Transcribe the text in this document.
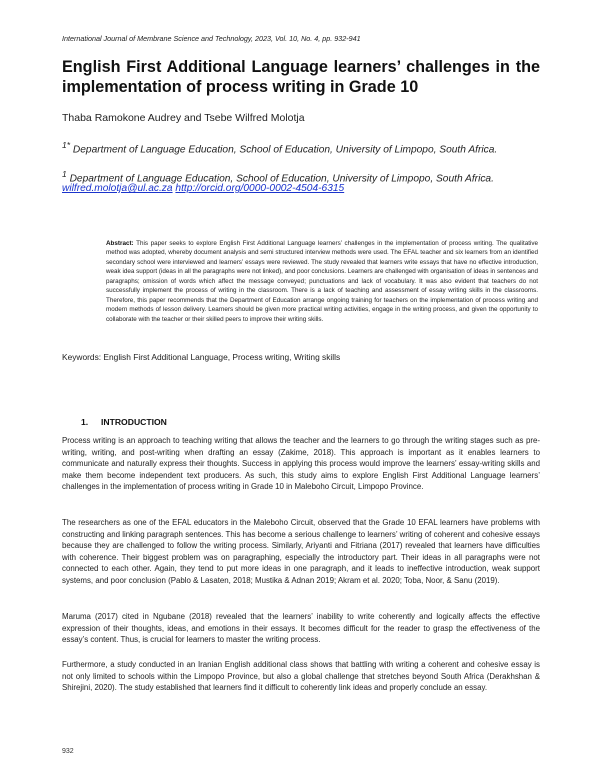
International Journal of Membrane Science and Technology, 2023, Vol. 10, No. 4, pp. 932-941
English First Additional Language learners’ challenges in the implementation of process writing in Grade 10
Thaba Ramokone Audrey and Tsebe Wilfred Molotja
$^{1*}$ Department of Language Education, School of Education, University of Limpopo, South Africa.
$^1$ Department of Language Education, School of Education, University of Limpopo, South Africa.
wilfred.molotja@ul.ac.za http://orcid.org/0000-0002-4504-6315
Abstract: This paper seeks to explore English First Additional Language learners’ challenges in the implementation of process writing. The qualitative method was adopted, whereby document analysis and semi structured interview methods were used. The EFAL teacher and six learners from an identified secondary school were interviewed and learners’ essays were reviewed. The study revealed that learners write essays that have no effective introduction, weak idea support (ideas in all the paragraphs were not linked), and poor conclusions. Learners are challenged with organisation of ideas in sentences and paragraphs; omission of words which affect the message conveyed; punctuations and lack of vocabulary. It was also evident that teachers do not successfully implement the process of writing in the classroom. There is a lack of teaching and assessment of essay writing skills in the classrooms. Therefore, this paper recommends that the Department of Education arrange ongoing training for teachers on the implementation of process writing and modern methods of lesson delivery. Learners should be given more practical writing activities, engage in the writing process, and given the opportunity to collaborate with the teacher or their skilled peers to improve their writing skills.
Keywords: English First Additional Language, Process writing, Writing skills
1. INTRODUCTION
Process writing is an approach to teaching writing that allows the teacher and the learners to go through the writing stages such as pre-writing, writing, and post-writing when drafting an essay (Zakime, 2018). This approach is important as it enables learners to communicate and naturally express their thoughts. Success in applying this process would improve the learners’ essay-writing skills and make them become independent text producers. As such, this study aims to explore English First Additional Language learners’ challenges in the implementation of process writing in Grade 10 in Maleboho Circuit, Limpopo Province.
The researchers as one of the EFAL educators in the Maleboho Circuit, observed that the Grade 10 EFAL learners have problems with constructing and linking paragraph sentences. This has become a serious challenge to learners’ writing of coherent and cohesive essays because they are challenged to follow the writing process. Similarly, Ariyanti and Fitriana (2017) revealed that learners have difficulties with coherence. Their biggest problem was on paragraphing, especially the introductory part. Their ideas in all paragraphs were not connected to each other. Again, they tend to put more ideas in one paragraph, and it leads to ineffective introduction, weak support systems, and poor conclusion (Pablo & Lasaten, 2018; Mustika & Adnan 2019; Akram et al. 2020; Toba, Noor, & Sanu (2019).
Maruma (2017) cited in Ngubane (2018) revealed that the learners’ inability to write coherently and logically affects the effective expression of their thoughts, ideas, and emotions in their essays. It becomes difficult for the reader to grasp the effectiveness of the essay’s content. Thus, is crucial for learners to master the writing process.
Furthermore, a study conducted in an Iranian English additional class shows that battling with writing a coherent and cohesive essay is not only limited to schools within the Limpopo Province, but also a global challenge that stretches beyond South Africa (Derakhshan & Shirejini, 2020). The study established that learners find it difficult to coherently link ideas and properly conclude an essay.
932
